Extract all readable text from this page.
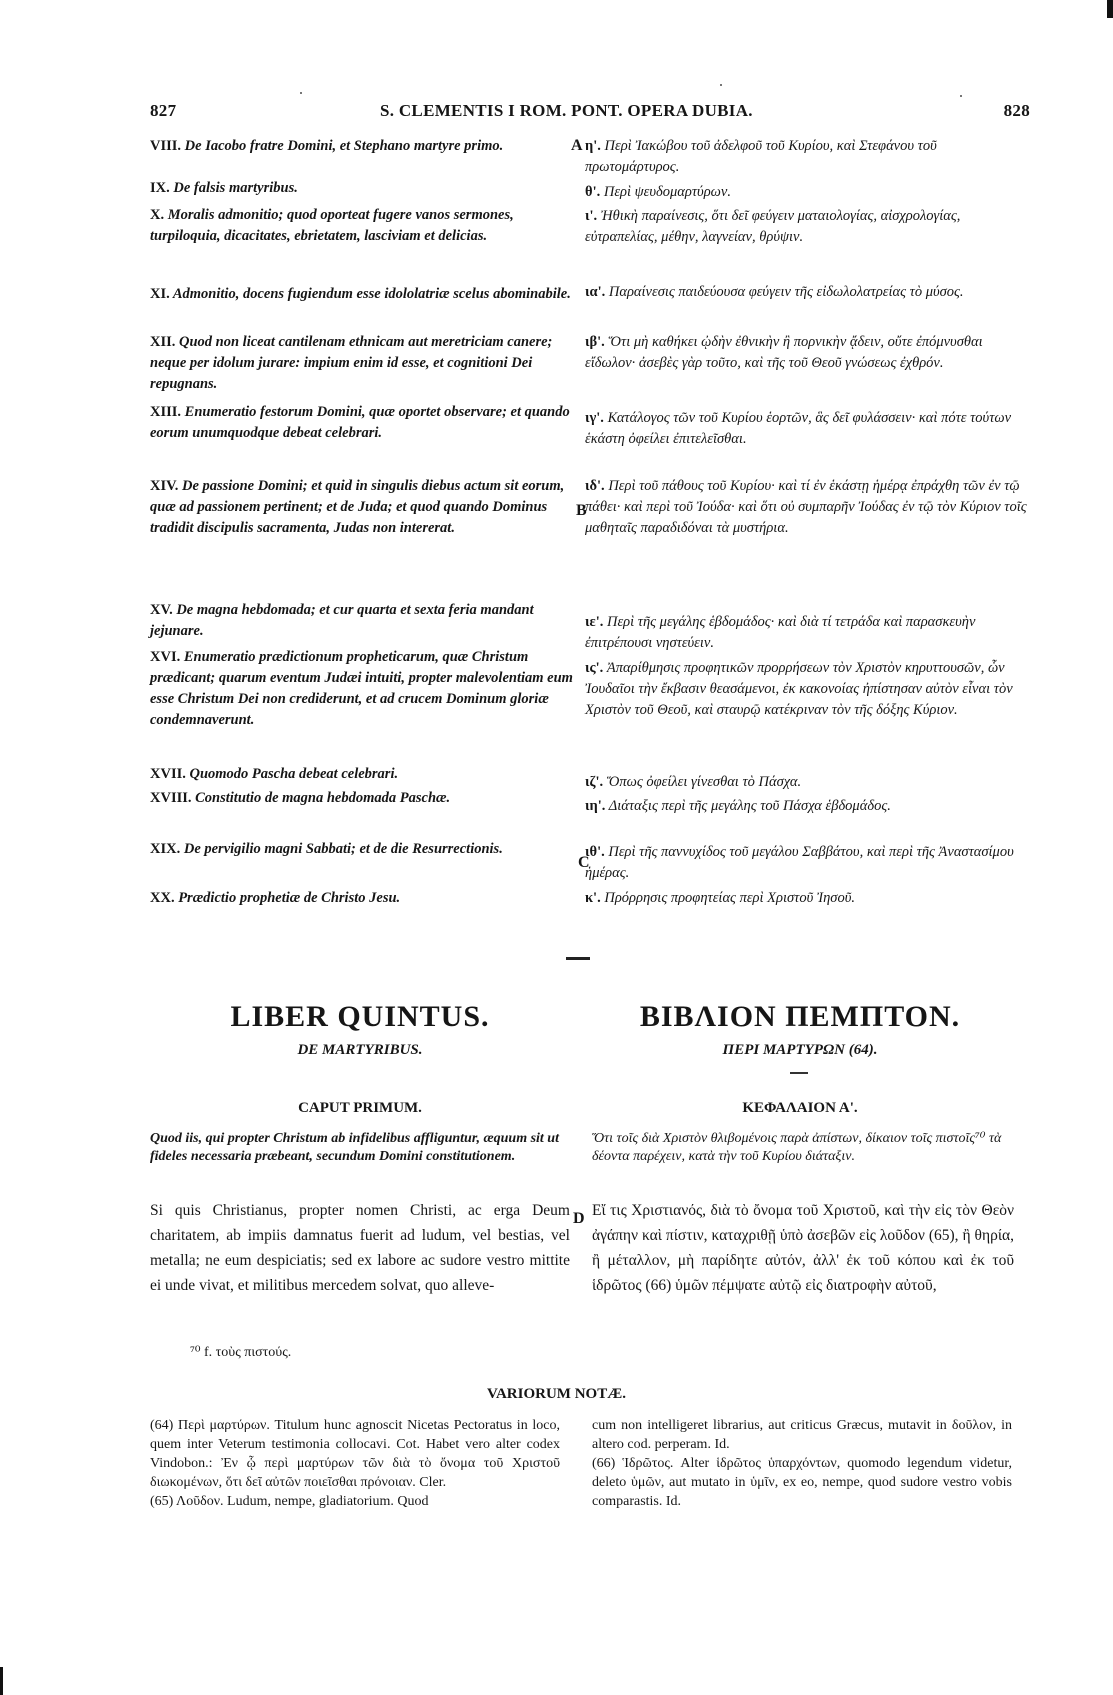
827	S. CLEMENTIS I ROM. PONT. OPERA DUBIA.	828
VIII. De Iacobo fratre Domini, et Stephano martyre primo.
IX. De falsis martyribus.
X. Moralis admonitio; quod oporteat fugere vanos sermones, turpiloquia, dicacitates, ebrietatem, lasciviam et delicias.
XI. Admonitio, docens fugiendum esse idololatriæ scelus abominabile.
XII. Quod non liceat cantilenam ethnicam aut meretriciam canere; neque per idolum jurare: impium enim id esse, et cognitioni Dei repugnans.
XIII. Enumeratio festorum Domini, quæ oportet observare; et quando eorum unumquodque debeat celebrari.
XIV. De passione Domini; et quid in singulis diebus actum sit eorum, quæ ad passionem pertinent; et de Juda; et quod quando Dominus tradidit discipulis sacramenta, Judas non intererat.
XV. De magna hebdomada; et cur quarta et sexta feria mandant jejunare.
XVI. Enumeratio prædictionum propheticarum, quæ Christum prædicant; quarum eventum Judæi intuiti, propter malevolentiam eum esse Christum Dei non crediderunt, et ad crucem Dominum gloriæ condemnaverunt.
XVII. Quomodo Pascha debeat celebrari.
XVIII. Constitutio de magna hebdomada Paschæ.
XIX. De pervigilio magni Sabbati; et de die Resurrectionis.
XX. Prædictio prophetiæ de Christo Jesu.
η'. Περὶ Ἰακώβου τοῦ ἀδελφοῦ τοῦ Κυρίου, καὶ Στεφάνου τοῦ πρωτομάρτυρος.
θ'. Περὶ ψευδομαρτύρων.
ι'. Ἠθικὴ παραίνεσις, ὅτι δεῖ φεύγειν ματαιολογίας, αἰσχρολογίας, εὐτραπελίας, μέθην, λαγνείαν, θρύψιν.
ια'. Παραίνεσις παιδεύουσα φεύγειν τῆς εἰδωλολατρείας τὸ μύσος.
ιβ'. Ὅτι μὴ καθήκει ᾠδὴν ἐθνικὴν ἢ πορνικὴν ᾄδειν, οὔτε ἐπόμνυσθαι εἴδωλον· ἀσεβὲς γὰρ τοῦτο, καὶ τῆς τοῦ Θεοῦ γνώσεως ἐχθρόν.
ιγ'. Κατάλογος τῶν τοῦ Κυρίου ἑορτῶν, ἃς δεῖ φυλάσσειν· καὶ πότε τούτων ἑκάστη ὀφείλει ἐπιτελεῖσθαι.
ιδ'. Περὶ τοῦ πάθους τοῦ Κυρίου· καὶ τί ἐν ἑκάστῃ ἡμέρᾳ ἐπράχθη τῶν ἐν τῷ πάθει· καὶ περὶ τοῦ Ἰούδα· καὶ ὅτι οὐ συμπαρῆν Ἰούδας ἐν τῷ τὸν Κύριον τοῖς μαθηταῖς παραδιδόναι τὰ μυστήρια.
ιε'. Περὶ τῆς μεγάλης ἑβδομάδος· καὶ διὰ τί τετράδα καὶ παρασκευὴν ἐπιτρέπουσι νηστεύειν.
ις'. Ἀπαρίθμησις προφητικῶν προρρήσεων τὸν Χριστὸν κηρυττουσῶν, ὧν Ἰουδαῖοι τὴν ἔκβασιν θεασάμενοι, ἐκ κακονοίας ἠπίστησαν αὐτὸν εἶναι τὸν Χριστὸν τοῦ Θεοῦ, καὶ σταυρῷ κατέκριναν τὸν τῆς δόξης Κύριον.
ιζ'. Ὅπως ὀφείλει γίνεσθαι τὸ Πάσχα.
ιη'. Διάταξις περὶ τῆς μεγάλης τοῦ Πάσχα ἑβδομάδος.
ιθ'. Περὶ τῆς παννυχίδος τοῦ μεγάλου Σαββάτου, καὶ περὶ τῆς Ἀναστασίμου ἡμέρας.
κ'. Πρόρρησις προφητείας περὶ Χριστοῦ Ἰησοῦ.
A
B
C
D
LIBER QUINTUS.
DE MARTYRIBUS.
CAPUT PRIMUM.
ΒΙΒΛΙΟΝ ΠΕΜΠΤΟΝ.
ΠΕΡΙ ΜΑΡΤΥΡΩΝ (64).
ΚΕΦΑΛΑΙΟΝ Α'.
Quod iis, qui propter Christum ab infidelibus affliguntur, æquum sit ut fideles necessaria præbeant, secundum Domini constitutionem.
Ὅτι τοῖς διὰ Χριστὸν θλιβομένοις παρὰ ἀπίστων, δίκαιον τοῖς πιστοῖς⁷⁰ τὰ δέοντα παρέχειν, κατὰ τὴν τοῦ Κυρίου διάταξιν.
Si quis Christianus, propter nomen Christi, ac erga Deum charitatem, ab impiis damnatus fuerit ad ludum, vel bestias, vel metalla; ne eum despiciatis; sed ex labore ac sudore vestro mittite ei unde vivat, et militibus mercedem solvat, quo alleve-
Εἴ τις Χριστιανός, διὰ τὸ ὄνομα τοῦ Χριστοῦ, καὶ τὴν εἰς τὸν Θεὸν ἀγάπην καὶ πίστιν, καταχριθῇ ὑπὸ ἀσεβῶν εἰς λοῦδον (65), ἢ θηρία, ἢ μέταλλον, μὴ παρίδητε αὐτόν, ἀλλ' ἐκ τοῦ κόπου καὶ ἐκ τοῦ ἱδρῶτος (66) ὑμῶν πέμψατε αὐτῷ εἰς διατροφὴν αὐτοῦ,
⁷⁰ f. τοὺς πιστούς.
VARIORUM NOTÆ.
(64) Περὶ μαρτύρων. Titulum hunc agnoscit Nicetas Pectoratus in loco, quem inter Veterum testimonia collocavi. Cot. Habet vero alter codex Vindobon.: Ἐν ᾧ περὶ μαρτύρων τῶν διὰ τὸ ὄνομα τοῦ Χριστοῦ διωκομένων, ὅτι δεῖ αὐτῶν ποιεῖσθαι πρόνοιαν. Cler.
(65) Λοῦδον. Ludum, nempe, gladiatorium. Quod
cum non intelligeret librarius, aut criticus Græcus, mutavit in δοῦλον, in altero cod. perperam. Id.
(66) Ἱδρῶτος. Alter ἱδρῶτος ὑπαρχόντων, quomodo legendum videtur, deleto ὑμῶν, aut mutato in ὑμῖν, ex eo, nempe, quod sudore vestro vobis comparastis. Id.
